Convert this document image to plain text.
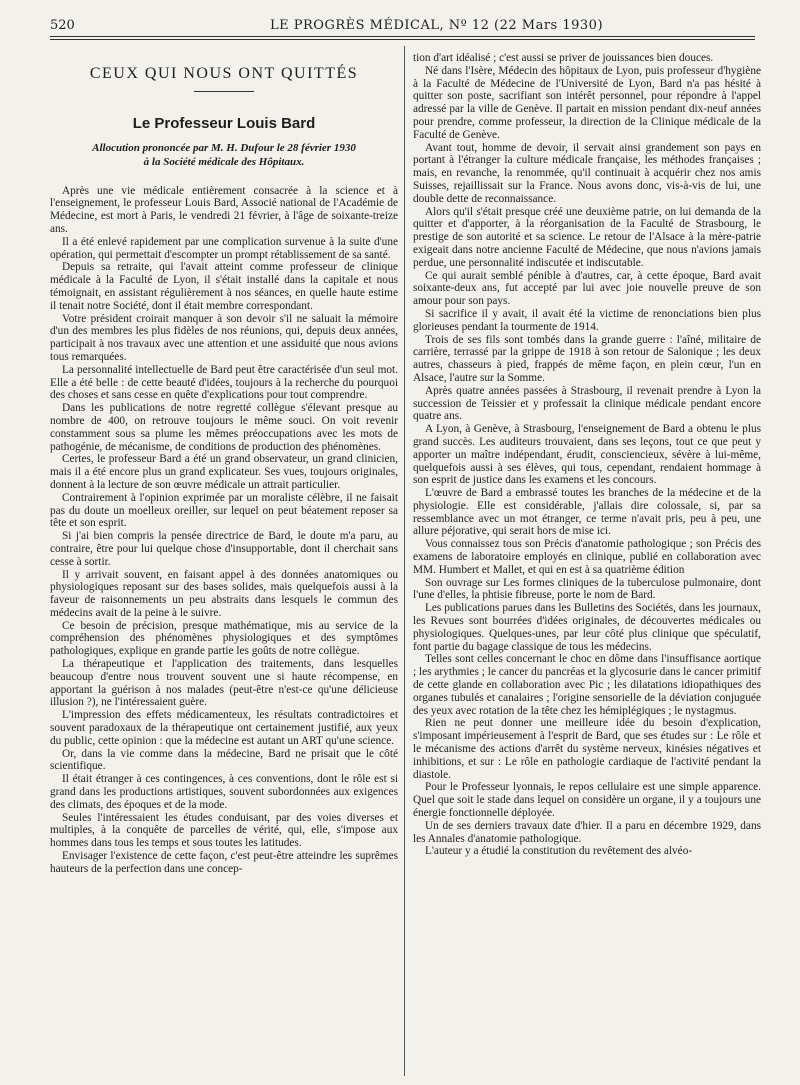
520	LE PROGRÈS MÉDICAL, Nº 12 (22 Mars 1930)
CEUX QUI NOUS ONT QUITTÉS
Le Professeur Louis Bard
Allocution prononcée par M. H. Dufour le 28 février 1930
à la Société médicale des Hôpitaux.

Après une vie médicale entièrement consacrée à la science et à l'enseignement, le professeur Louis Bard, Associé national de l'Académie de Médecine, est mort à Paris, le vendredi 21 février, à l'âge de soixante-treize ans.

Il a été enlevé rapidement par une complication survenue à la suite d'une opération, qui permettait d'escompter un prompt rétablissement de sa santé.

Depuis sa retraite, qui l'avait atteint comme professeur de clinique médicale à la Faculté de Lyon, il s'était installé dans la capitale et nous témoignait, en assistant régulièrement à nos séances, en quelle haute estime il tenait notre Société, dont il était membre correspondant.

Votre président croirait manquer à son devoir s'il ne saluait la mémoire d'un des membres les plus fidèles de nos réunions, qui, depuis deux années, participait à nos travaux avec une attention et une assiduité que nous avions tous remarquées.

La personnalité intellectuelle de Bard peut être caractérisée d'un seul mot. Elle a été belle : de cette beauté d'idées, toujours à la recherche du pourquoi des choses et sans cesse en quête d'explications pour tout comprendre.

Dans les publications de notre regretté collègue s'élevant presque au nombre de 400, on retrouve toujours le même souci. On voit revenir constamment sous sa plume les mêmes préoccupations avec les mots de pathogénie, de mécanisme, de conditions de production des phénomènes.

Certes, le professeur Bard a été un grand observateur, un grand clinicien, mais il a été encore plus un grand explicateur. Ses vues, toujours originales, donnent à la lecture de son œuvre médicale un attrait particulier.

Contrairement à l'opinion exprimée par un moraliste célèbre, il ne faisait pas du doute un moelleux oreiller, sur lequel on peut béatement reposer sa tête et son esprit.

Si j'ai bien compris la pensée directrice de Bard, le doute m'a paru, au contraire, être pour lui quelque chose d'insupportable, dont il cherchait sans cesse à sortir.

Il y arrivait souvent, en faisant appel à des données anatomiques ou physiologiques reposant sur des bases solides, mais quelquefois aussi à la faveur de raisonnements un peu abstraits dans lesquels le commun des médecins avait de la peine à le suivre.

Ce besoin de précision, presque mathématique, mis au service de la compréhension des phénomènes physiologiques et des symptômes pathologiques, explique en grande partie les goûts de notre collègue.

La thérapeutique et l'application des traitements, dans lesquelles beaucoup d'entre nous trouvent souvent une si haute récompense, en apportant la guérison à nos malades (peut-être n'est-ce qu'une délicieuse illusion ?), ne l'intéressaient guère.

L'impression des effets médicamenteux, les résultats contradictoires et souvent paradoxaux de la thérapeutique ont certainement justifié, aux yeux du public, cette opinion : que la médecine est autant un ART qu'une science.

Or, dans la vie comme dans la médecine, Bard ne prisait que le côté scientifique.

Il était étranger à ces contingences, à ces conventions, dont le rôle est si grand dans les productions artistiques, souvent subordonnées aux exigences des climats, des époques et de la mode.

Seules l'intéressaient les études conduisant, par des voies diverses et multiples, à la conquête de parcelles de vérité, qui, elle, s'impose aux hommes dans tous les temps et sous toutes les latitudes.

Envisager l'existence de cette façon, c'est peut-être atteindre les suprêmes hauteurs de la perfection dans une concep-

tion d'art idéalisé ; c'est aussi se priver de jouissances bien douces.

Né dans l'Isère, Médecin des hôpitaux de Lyon, puis professeur d'hygiène à la Faculté de Médecine de l'Université de Lyon, Bard n'a pas hésité à quitter son poste, sacrifiant son intérêt personnel, pour répondre à l'appel adressé par la ville de Genève. Il partait en mission pendant dix-neuf années pour prendre, comme professeur, la direction de la Clinique médicale de la Faculté de Genève.

Avant tout, homme de devoir, il servait ainsi grandement son pays en portant à l'étranger la culture médicale française, les méthodes françaises ; mais, en revanche, la renommée, qu'il continuait à acquérir chez nos amis Suisses, rejaillissait sur la France. Nous avons donc, vis-à-vis de lui, une double dette de reconnaissance.

Alors qu'il s'était presque créé une deuxième patrie, on lui demanda de la quitter et d'apporter, à la réorganisation de la Faculté de Strasbourg, le prestige de son autorité et sa science. Le retour de l'Alsace à la mère-patrie exigeait dans notre ancienne Faculté de Médecine, que nous n'avions jamais perdue, une personnalité indiscutée et indiscutable.

Ce qui aurait semblé pénible à d'autres, car, à cette époque, Bard avait soixante-deux ans, fut accepté par lui avec joie nouvelle preuve de son amour pour son pays.

Si sacrifice il y avait, il avait été la victime de renonciations bien plus glorieuses pendant la tourmente de 1914.

Trois de ses fils sont tombés dans la grande guerre : l'aîné, militaire de carrière, terrassé par la grippe de 1918 à son retour de Salonique ; les deux autres, chasseurs à pied, frappés de même façon, en plein cœur, l'un en Alsace, l'autre sur la Somme.

Après quatre années passées à Strasbourg, il revenait prendre à Lyon la succession de Teissier et y professait la clinique médicale pendant encore quatre ans.

A Lyon, à Genève, à Strasbourg, l'enseignement de Bard a obtenu le plus grand succès. Les auditeurs trouvaient, dans ses leçons, tout ce que peut y apporter un maître indépendant, érudit, consciencieux, sévère à lui-même, quelquefois aussi à ses élèves, qui tous, cependant, rendaient hommage à son esprit de justice dans les examens et les concours.

L'œuvre de Bard a embrassé toutes les branches de la médecine et de la physiologie. Elle est considérable, j'allais dire colossale, si, par sa ressemblance avec un mot étranger, ce terme n'avait pris, peu à peu, une allure péjorative, qui serait hors de mise ici.

Vous connaissez tous son Précis d'anatomie pathologique ; son Précis des examens de laboratoire employés en clinique, publié en collaboration avec MM. Humbert et Mallet, et qui en est à sa quatrième édition

Son ouvrage sur Les formes cliniques de la tuberculose pulmonaire, dont l'une d'elles, la phtisie fibreuse, porte le nom de Bard.

Les publications parues dans les Bulletins des Sociétés, dans les journaux, les Revues sont bourrées d'idées originales, de découvertes médicales ou physiologiques. Quelques-unes, par leur côté plus clinique que spéculatif, font partie du bagage classique de tous les médecins.

Telles sont celles concernant le choc en dôme dans l'insuffisance aortique ; les arythmies ; le cancer du pancréas et la glycosurie dans le cancer primitif de cette glande en collaboration avec Pic ; les dilatations idiopathiques des organes tubulés et canalaires ; l'origine sensorielle de la déviation conjuguée des yeux avec rotation de la tête chez les hémiplégiques ; le nystagmus.

Rien ne peut donner une meilleure idée du besoin d'explication, s'imposant impérieusement à l'esprit de Bard, que ses études sur : Le rôle et le mécanisme des actions d'arrêt du système nerveux, kinésies négatives et inhibitions, et sur : Le rôle en pathologie cardiaque de l'activité pendant la diastole.

Pour le Professeur lyonnais, le repos cellulaire est une simple apparence. Quel que soit le stade dans lequel on considère un organe, il y a toujours une énergie fonctionnelle déployée.

Un de ses derniers travaux date d'hier. Il a paru en décembre 1929, dans les Annales d'anatomie pathologique.

L'auteur y a étudié la constitution du revêtement des alvéo-
